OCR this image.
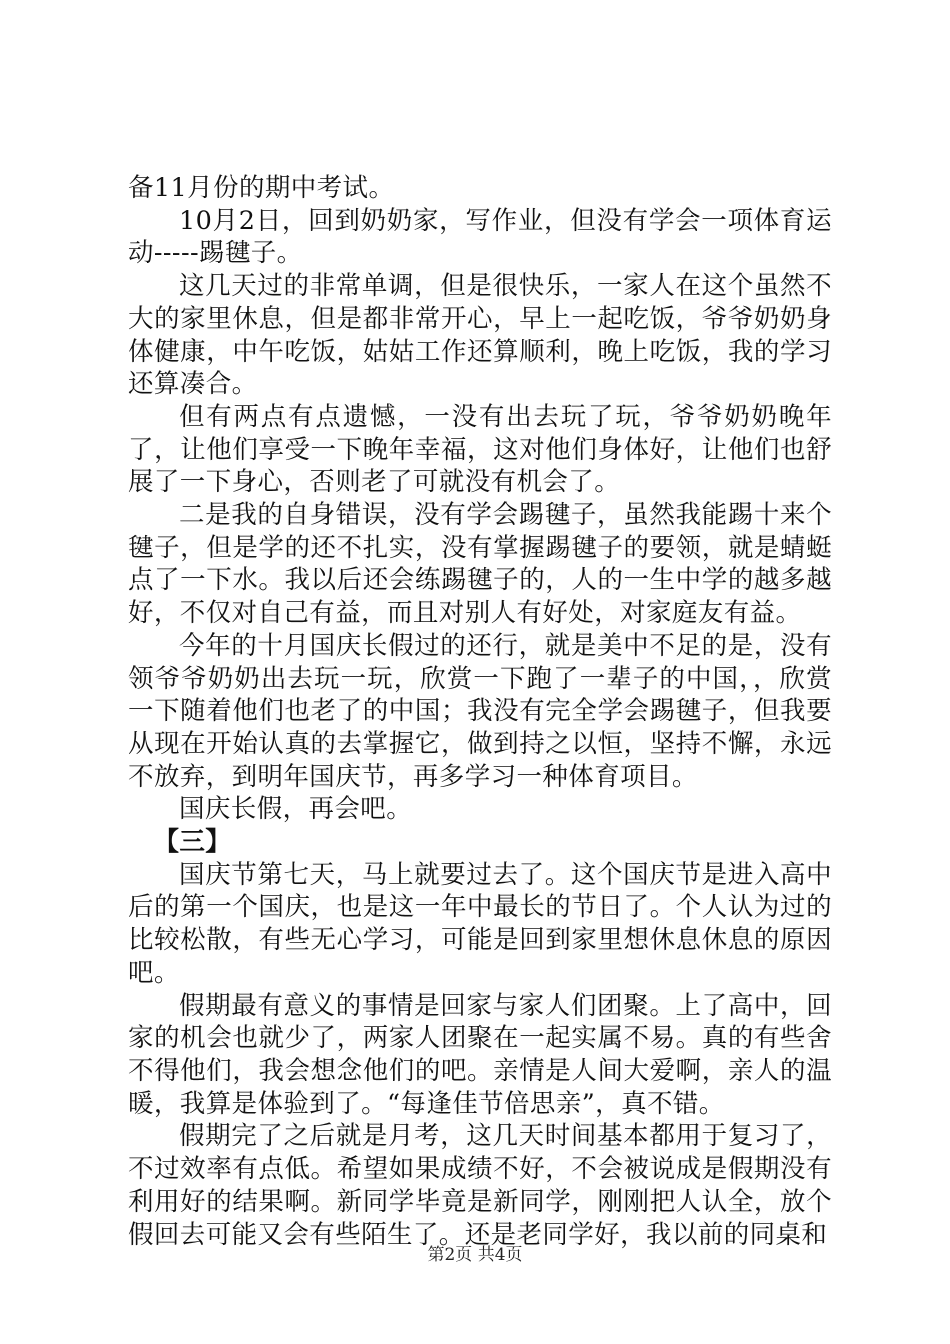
备11月份的期中考试。

10月2日，回到奶奶家，写作业，但没有学会一项体育运动-----踢毽子。

这几天过的非常单调，但是很快乐，一家人在这个虽然不大的家里休息，但是都非常开心，早上一起吃饭，爷爷奶奶身体健康，中午吃饭，姑姑工作还算顺利，晚上吃饭，我的学习还算凑合。

但有两点有点遗憾，一没有出去玩了玩，爷爷奶奶晚年了，让他们享受一下晚年幸福，这对他们身体好，让他们也舒展了一下身心，否则老了可就没有机会了。

二是我的自身错误，没有学会踢毽子，虽然我能踢十来个毽子，但是学的还不扎实，没有掌握踢毽子的要领，就是蜻蜓点了一下水。我以后还会练踢毽子的，人的一生中学的越多越好，不仅对自己有益，而且对别人有好处，对家庭友有益。

今年的十月国庆长假过的还行，就是美中不足的是，没有领爷爷奶奶出去玩一玩，欣赏一下跑了一辈子的中国，，欣赏一下随着他们也老了的中国；我没有完全学会踢毽子，但我要从现在开始认真的去掌握它，做到持之以恒，坚持不懈，永远不放弃，到明年国庆节，再多学习一种体育项目。

国庆长假，再会吧。

【三】

国庆节第七天，马上就要过去了。这个国庆节是进入高中后的第一个国庆，也是这一年中最长的节日了。个人认为过的比较松散，有些无心学习，可能是回到家里想休息休息的原因吧。

假期最有意义的事情是回家与家人们团聚。上了高中，回家的机会也就少了，两家人团聚在一起实属不易。真的有些舍不得他们，我会想念他们的吧。亲情是人间大爱啊，亲人的温暖，我算是体验到了。“每逢佳节倍思亲”，真不错。

假期完了之后就是月考，这几天时间基本都用于复习了，不过效率有点低。希望如果成绩不好，不会被说成是假期没有利用好的结果啊。新同学毕竟是新同学，刚刚把人认全，放个假回去可能又会有些陌生了。还是老同学好，我以前的同桌和

第2页 共4页
